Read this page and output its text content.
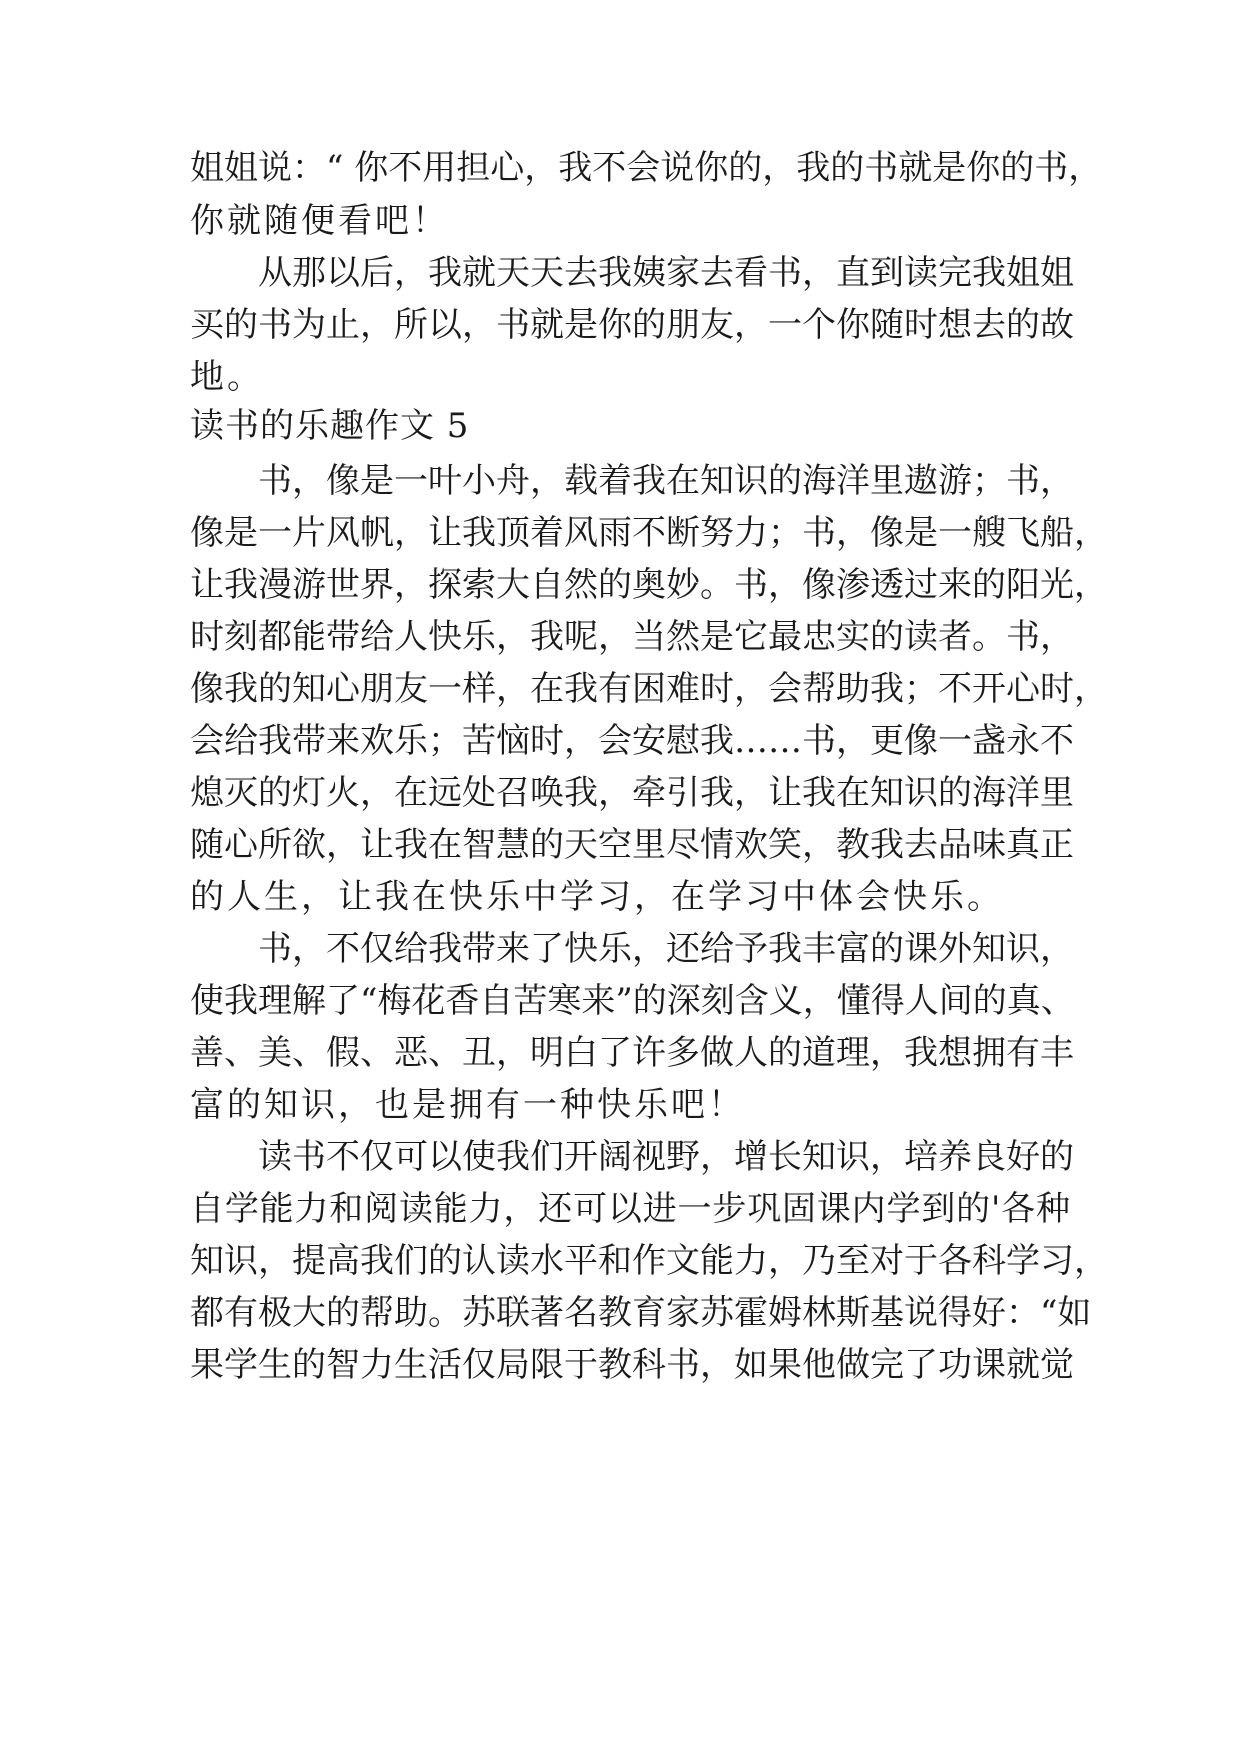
姐姐说：“ 你不用担心，我不会说你的，我的书就是你的书，
你就随便看吧！
从那以后，我就天天去我姨家去看书，直到读完我姐姐
买的书为止，所以，书就是你的朋友，一个你随时想去的故
地。
读书的乐趣作文 5
书，像是一叶小舟，载着我在知识的海洋里遨游；书，
像是一片风帆，让我顶着风雨不断努力；书，像是一艘飞船，
让我漫游世界，探索大自然的奥妙。书，像渗透过来的阳光，
时刻都能带给人快乐，我呢，当然是它最忠实的读者。书，
像我的知心朋友一样，在我有困难时，会帮助我；不开心时，
会给我带来欢乐；苦恼时，会安慰我……书，更像一盏永不
熄灭的灯火，在远处召唤我，牵引我，让我在知识的海洋里
随心所欲，让我在智慧的天空里尽情欢笑，教我去品味真正
的人生，让我在快乐中学习，在学习中体会快乐。
书，不仅给我带来了快乐，还给予我丰富的课外知识，
使我理解了“梅花香自苦寒来”的深刻含义，懂得人间的真、
善、美、假、恶、丑，明白了许多做人的道理，我想拥有丰
富的知识，也是拥有一种快乐吧！
读书不仅可以使我们开阔视野，增长知识，培养良好的
自学能力和阅读能力，还可以进一步巩固课内学到的'各种
知识，提高我们的认读水平和作文能力，乃至对于各科学习，
都有极大的帮助。苏联著名教育家苏霍姆林斯基说得好：“如
果学生的智力生活仅局限于教科书，如果他做完了功课就觉
